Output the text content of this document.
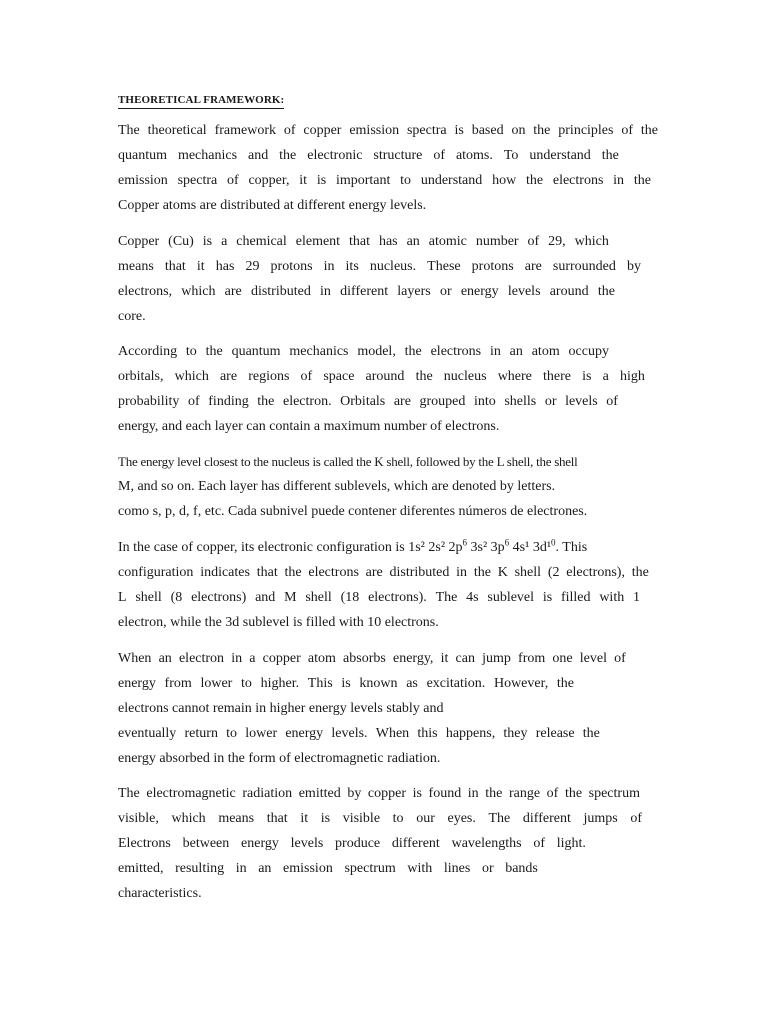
THEORETICAL FRAMEWORK:
The theoretical framework of copper emission spectra is based on the principles of the
quantum mechanics and the electronic structure of atoms. To understand the
emission spectra of copper, it is important to understand how the electrons in the
Copper atoms are distributed at different energy levels.
Copper (Cu) is a chemical element that has an atomic number of 29, which
means that it has 29 protons in its nucleus. These protons are surrounded by
electrons, which are distributed in different layers or energy levels around the
core.
According to the quantum mechanics model, the electrons in an atom occupy
orbitals, which are regions of space around the nucleus where there is a high
probability of finding the electron. Orbitals are grouped into shells or levels of
energy, and each layer can contain a maximum number of electrons.
The energy level closest to the nucleus is called the K shell, followed by the L shell, the shell
M, and so on. Each layer has different sublevels, which are denoted by letters.
como s, p, d, f, etc. Cada subnivel puede contener diferentes números de electrones.
In the case of copper, its electronic configuration is 1s² 2s² $2p^6$ 3s² $3p^6$ 4s¹ 3d¹$^0$. This
configuration indicates that the electrons are distributed in the K shell (2 electrons), the
L shell (8 electrons) and M shell (18 electrons). The 4s sublevel is filled with 1
electron, while the 3d sublevel is filled with 10 electrons.
When an electron in a copper atom absorbs energy, it can jump from one level of
energy from lower to higher. This is known as excitation. However, the
electrons cannot remain in higher energy levels stably and
eventually return to lower energy levels. When this happens, they release the
energy absorbed in the form of electromagnetic radiation.
The electromagnetic radiation emitted by copper is found in the range of the spectrum
visible, which means that it is visible to our eyes. The different jumps of
Electrons between energy levels produce different wavelengths of light.
emitted, resulting in an emission spectrum with lines or bands
characteristics.
